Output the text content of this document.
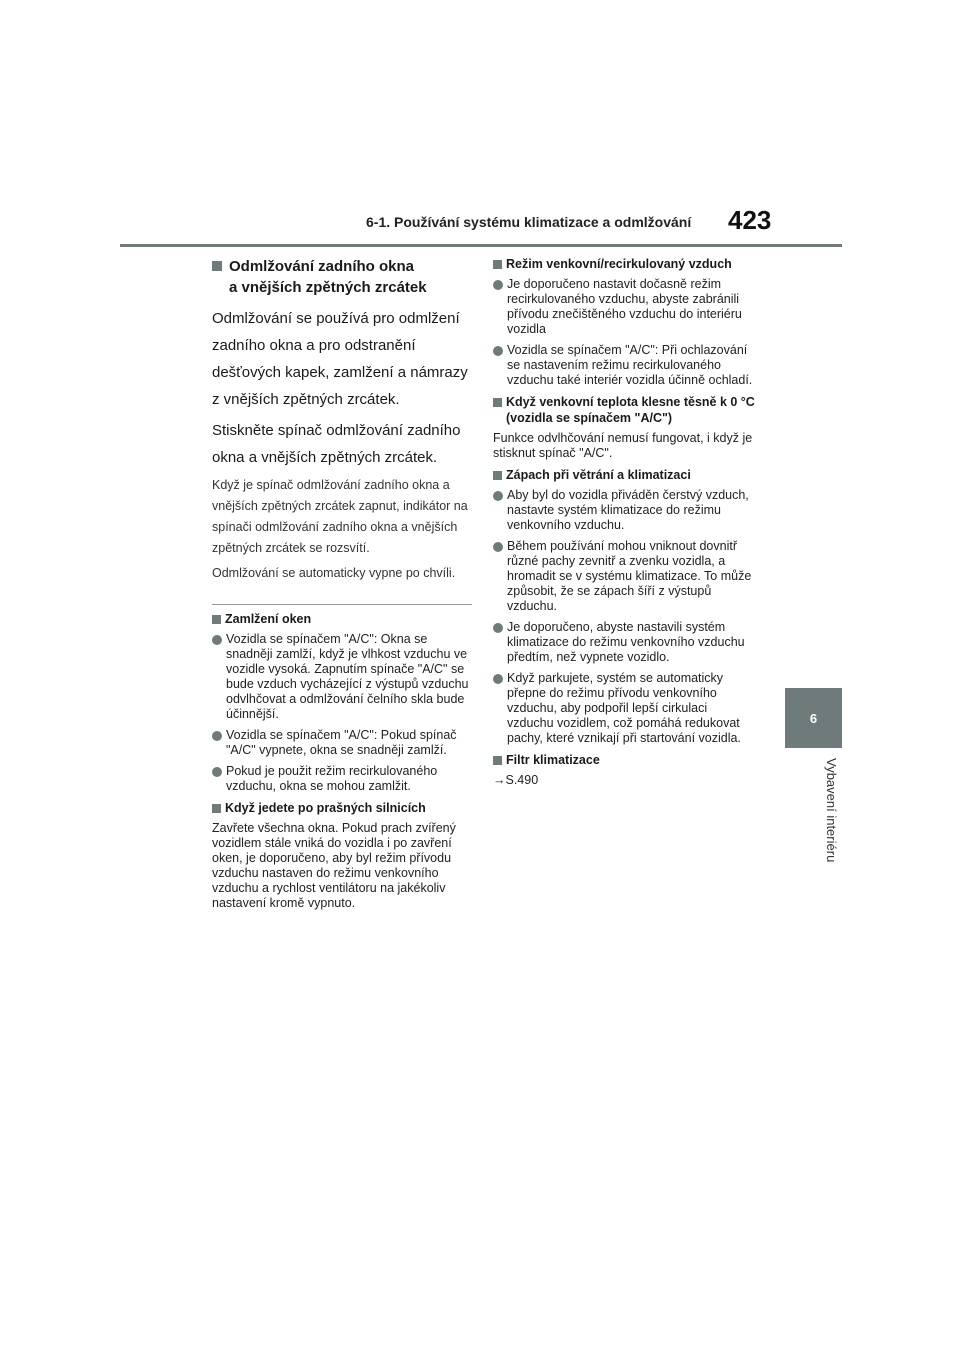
6-1. Používání systému klimatizace a odmlžování 423
6
Vybavení interiéru
Odmlžování zadního okna
a vnějších zpětných zrcátek

Odmlžování se používá pro odmlžení zadního okna a pro odstranění dešťových kapek, zamlžení a námrazy z vnějších zpětných zrcátek.

Stiskněte spínač odmlžování zadního okna a vnějších zpětných zrcátek.

Když je spínač odmlžování zadního okna a vnějších zpětných zrcátek zapnut, indikátor na spínači odmlžování zadního okna a vnějších zpětných zrcátek se rozsvítí.

Odmlžování se automaticky vypne po chvíli.

Zamlžení oken
Vozidla se spínačem "A/C": Okna se snadněji zamlží, když je vlhkost vzduchu ve vozidle vysoká. Zapnutím spínače "A/C" se bude vzduch vycházející z výstupů vzduchu odvlhčovat a odmlžování čelního skla bude účinnější.
Vozidla se spínačem "A/C": Pokud spínač "A/C" vypnete, okna se snadněji zamlží.
Pokud je použit režim recirkulovaného vzduchu, okna se mohou zamlžit.
Když jedete po prašných silnicích

Zavřete všechna okna. Pokud prach zvířený vozidlem stále vniká do vozidla i po zavření oken, je doporučeno, aby byl režim přívodu vzduchu nastaven do režimu venkovního vzduchu a rychlost ventilátoru na jakékoliv nastavení kromě vypnuto.

Režim venkovní/recirkulovaný vzduch
Je doporučeno nastavit dočasně režim recirkulovaného vzduchu, abyste zabránili přívodu znečištěného vzduchu do interiéru vozidla
Vozidla se spínačem "A/C": Při ochlazování se nastavením režimu recirkulovaného vzduchu také interiér vozidla účinně ochladí.
Když venkovní teplota klesne těsně k 0 °C (vozidla se spínačem "A/C")

Funkce odvlhčování nemusí fungovat, i když je stisknut spínač "A/C".

Zápach při větrání a klimatizaci
Aby byl do vozidla přiváděn čerstvý vzduch, nastavte systém klimatizace do režimu venkovního vzduchu.
Během používání mohou vniknout dovnitř různé pachy zevnitř a zvenku vozidla, a hromadit se v systému klimatizace. To může způsobit, že se zápach šíří z výstupů vzduchu.
Je doporučeno, abyste nastavili systém klimatizace do režimu venkovního vzduchu předtím, než vypnete vozidlo.
Když parkujete, systém se automaticky přepne do režimu přívodu venkovního vzduchu, aby podpořil lepší cirkulaci vzduchu vozidlem, což pomáhá redukovat pachy, které vznikají při startování vozidla.
Filtr klimatizace

→S.490
